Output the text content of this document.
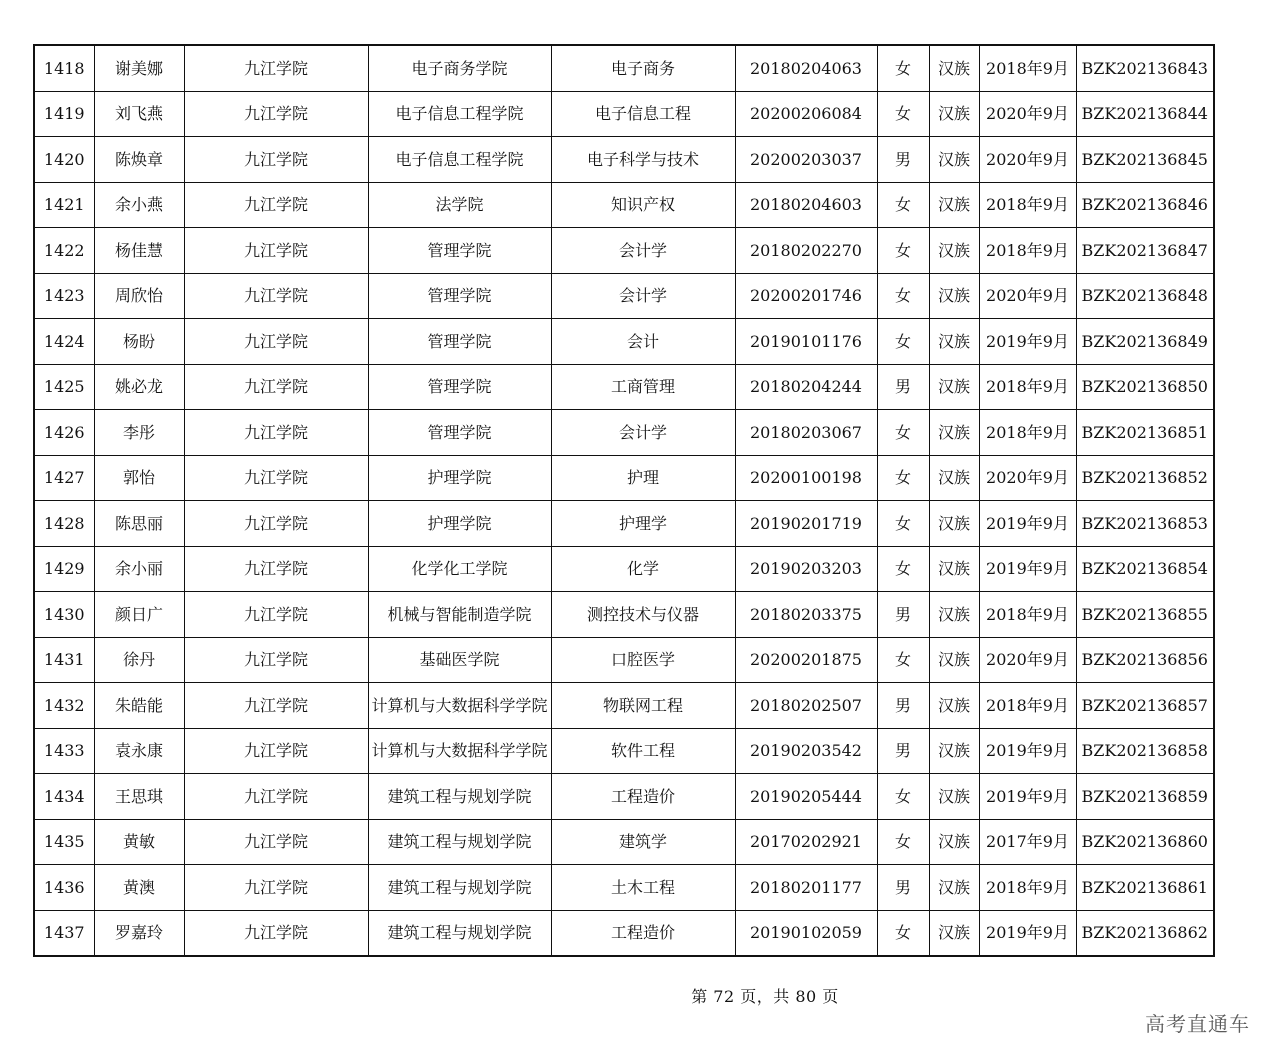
1418	谢美娜	九江学院	电子商务学院	电子商务	20180204063	女	汉族	2018年9月	BZK202136843
1419	刘飞燕	九江学院	电子信息工程学院	电子信息工程	20200206084	女	汉族	2020年9月	BZK202136844
1420	陈焕章	九江学院	电子信息工程学院	电子科学与技术	20200203037	男	汉族	2020年9月	BZK202136845
1421	余小燕	九江学院	法学院	知识产权	20180204603	女	汉族	2018年9月	BZK202136846
1422	杨佳慧	九江学院	管理学院	会计学	20180202270	女	汉族	2018年9月	BZK202136847
1423	周欣怡	九江学院	管理学院	会计学	20200201746	女	汉族	2020年9月	BZK202136848
1424	杨盼	九江学院	管理学院	会计	20190101176	女	汉族	2019年9月	BZK202136849
1425	姚必龙	九江学院	管理学院	工商管理	20180204244	男	汉族	2018年9月	BZK202136850
1426	李彤	九江学院	管理学院	会计学	20180203067	女	汉族	2018年9月	BZK202136851
1427	郭怡	九江学院	护理学院	护理	20200100198	女	汉族	2020年9月	BZK202136852
1428	陈思丽	九江学院	护理学院	护理学	20190201719	女	汉族	2019年9月	BZK202136853
1429	余小丽	九江学院	化学化工学院	化学	20190203203	女	汉族	2019年9月	BZK202136854
1430	颜日广	九江学院	机械与智能制造学院	测控技术与仪器	20180203375	男	汉族	2018年9月	BZK202136855
1431	徐丹	九江学院	基础医学院	口腔医学	20200201875	女	汉族	2020年9月	BZK202136856
1432	朱皓能	九江学院	计算机与大数据科学学院	物联网工程	20180202507	男	汉族	2018年9月	BZK202136857
1433	袁永康	九江学院	计算机与大数据科学学院	软件工程	20190203542	男	汉族	2019年9月	BZK202136858
1434	王思琪	九江学院	建筑工程与规划学院	工程造价	20190205444	女	汉族	2019年9月	BZK202136859
1435	黄敏	九江学院	建筑工程与规划学院	建筑学	20170202921	女	汉族	2017年9月	BZK202136860
1436	黄澳	九江学院	建筑工程与规划学院	土木工程	20180201177	男	汉族	2018年9月	BZK202136861
1437	罗嘉玲	九江学院	建筑工程与规划学院	工程造价	20190102059	女	汉族	2019年9月	BZK202136862
第 72 页，共 80 页
高考直通车
